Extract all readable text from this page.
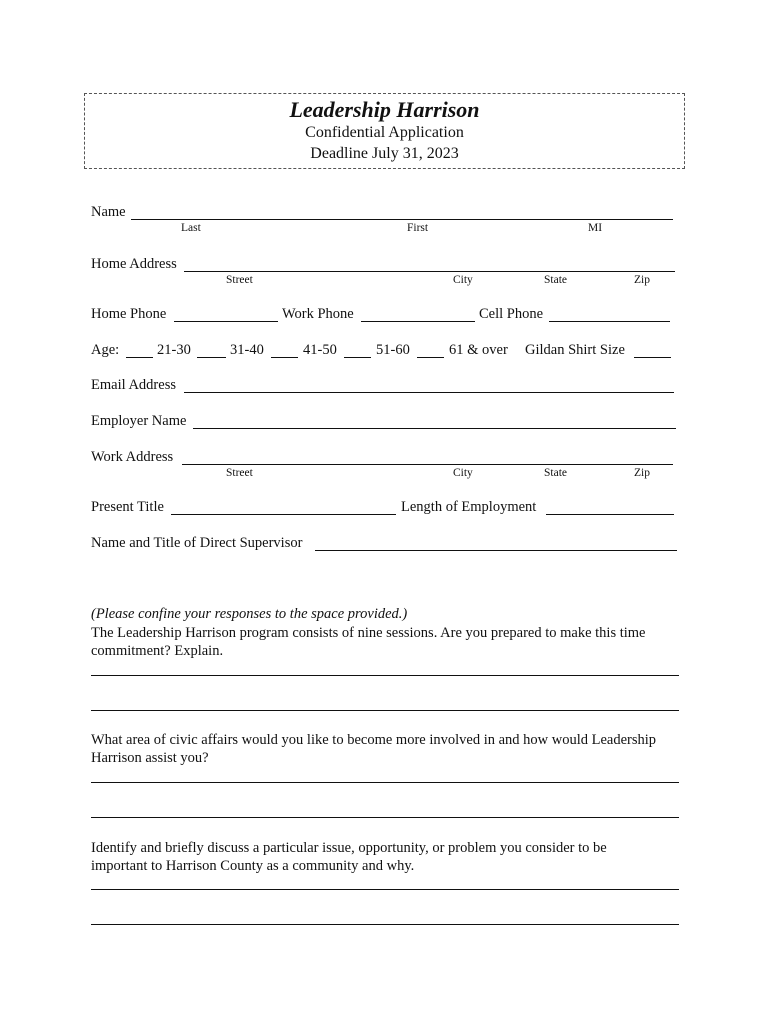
Leadership Harrison
Confidential Application
Deadline July 31, 2023
Name
Last	First	MI
Home Address
Street	City	State	Zip
Home Phone	Work Phone	Cell Phone
Age:	21-30	31-40	41-50	51-60	61 & over Gildan Shirt Size
Email Address
Employer Name
Work Address
Street	City	State	Zip
Present Title	Length of Employment
Name and Title of Direct Supervisor
(Please confine your responses to the space provided.)
The Leadership Harrison program consists of nine sessions. Are you prepared to make this time commitment? Explain.
What area of civic affairs would you like to become more involved in and how would Leadership Harrison assist you?
Identify and briefly discuss a particular issue, opportunity, or problem you consider to be important to Harrison County as a community and why.
